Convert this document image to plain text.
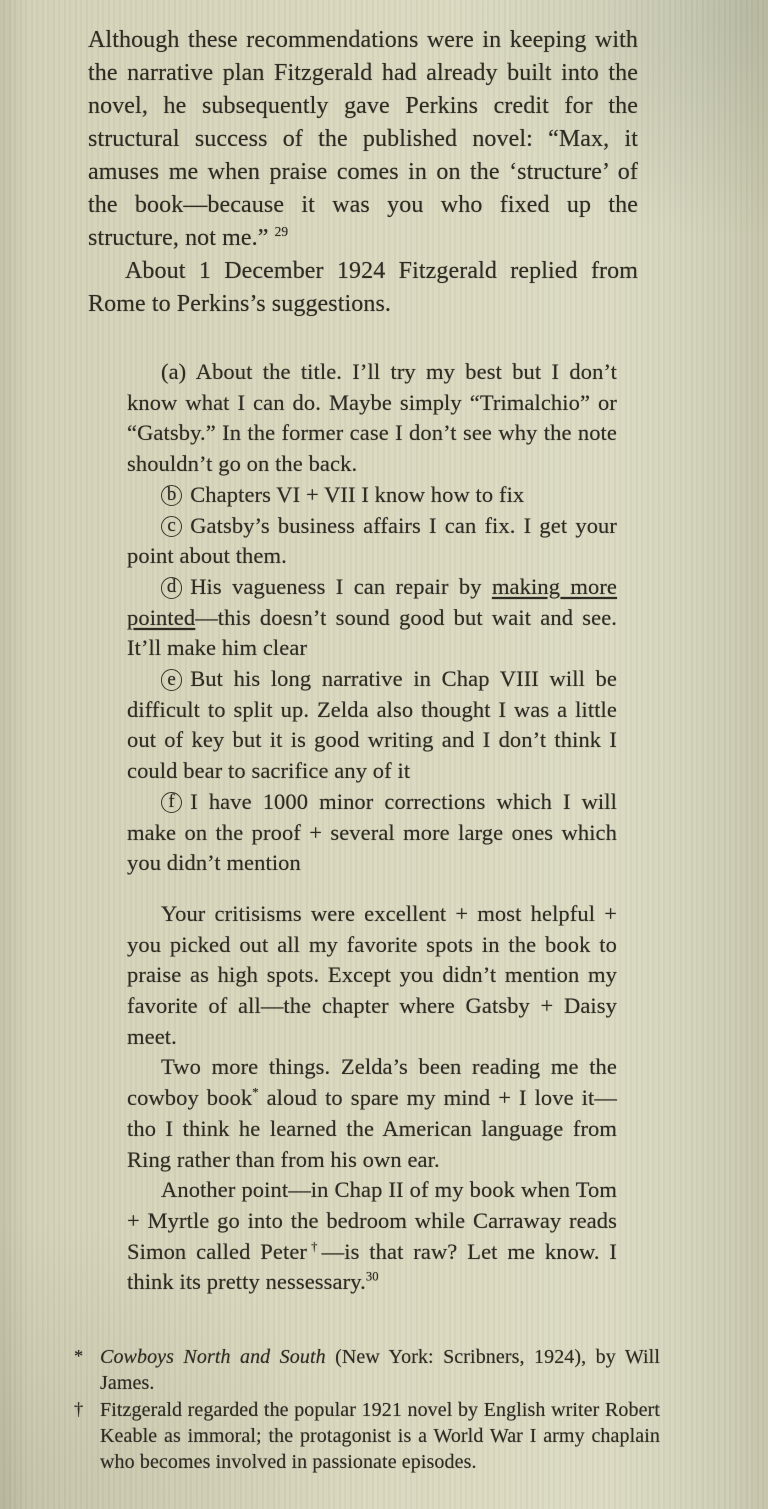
Although these recommendations were in keeping with the narrative plan Fitzgerald had already built into the novel, he subsequently gave Perkins credit for the structural success of the published novel: “Max, it amuses me when praise comes in on the ‘structure’ of the book—because it was you who fixed up the structure, not me.” $^{29}$

About 1 December 1924 Fitzgerald replied from Rome to Perkins’s suggestions.

(a) About the title. I’ll try my best but I don’t know what I can do. Maybe simply “Trimalchio” or “Gatsby.” In the former case I don’t see why the note shouldn’t go on the back.

b Chapters VI + VII I know how to fix

c Gatsby’s business affairs I can fix. I get your point about them.

d His vagueness I can repair by making more pointed—this doesn’t sound good but wait and see. It’ll make him clear

e But his long narrative in Chap VIII will be difficult to split up. Zelda also thought I was a little out of key but it is good writing and I don’t think I could bear to sacrifice any of it

f I have 1000 minor corrections which I will make on the proof + several more large ones which you didn’t mention

Your critisisms were excellent + most helpful + you picked out all my favorite spots in the book to praise as high spots. Except you didn’t mention my favorite of all—the chapter where Gatsby + Daisy meet.

Two more things. Zelda’s been reading me the cowboy book* aloud to spare my mind + I love it—tho I think he learned the American language from Ring rather than from his own ear.

Another point—in Chap II of my book when Tom + Myrtle go into the bedroom while Carraway reads Simon called Peter†—is that raw? Let me know. I think its pretty nessessary.$^{30}$

* Cowboys North and South (New York: Scribners, 1924), by Will James.
† Fitzgerald regarded the popular 1921 novel by English writer Robert Keable as immoral; the protagonist is a World War I army chaplain who becomes involved in passionate episodes.
